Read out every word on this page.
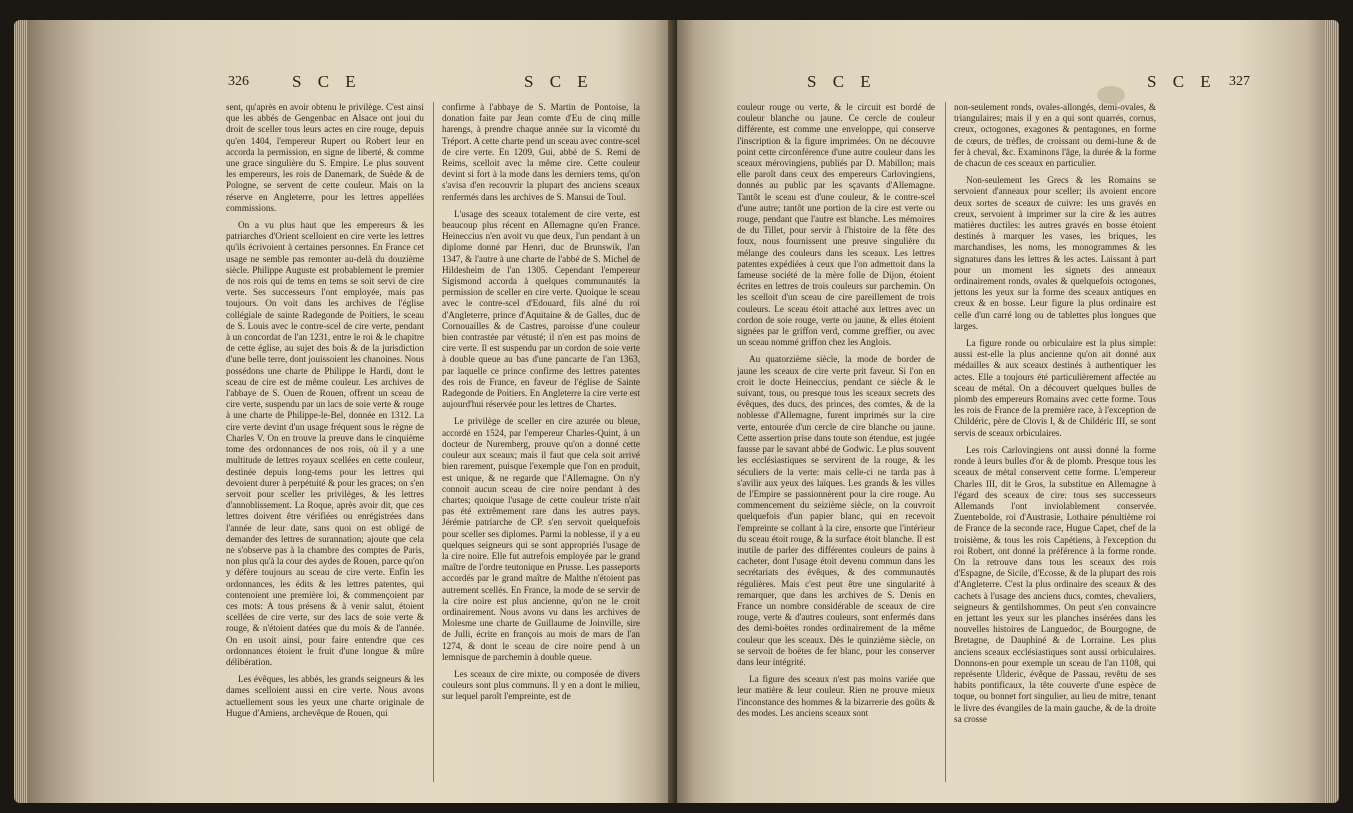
326	S C E	S C E

sent, qu'après en avoir obtenu le privilège. C'est ainsi que les abbés de Gengenbac en Alsace ont joui du droit de sceller tous leurs actes en cire rouge, depuis qu'en 1404, l'empereur Rupert ou Robert leur en accorda la permission, en signe de liberté, & comme une grace singulière du S. Empire. Le plus souvent les empereurs, les rois de Danemark, de Suède & de Pologne, se servent de cette couleur. Mais on la réserve en Angleterre, pour les lettres appellées commissions.

On a vu plus haut que les empereurs & les patriarches d'Orient scelloient en cire verte les lettres qu'ils écrivoient à certaines personnes. En France cet usage ne semble pas remonter au-delà du douzième siècle. Philippe Auguste est probablement le premier de nos rois qui de tems en tems se soit servi de cire verte. Ses successeurs l'ont employée, mais pas toujours. On voit dans les archives de l'église collégiale de sainte Radegonde de Poitiers, le sceau de S. Louis avec le contre-scel de cire verte, pendant à un concordat de l'an 1231, entre le roi & le chapitre de cette église, au sujet des bois & de la jurisdiction d'une belle terre, dont jouissoient les chanoines. Nous possédons une charte de Philippe le Hardi, dont le sceau de cire est de même couleur. Les archives de l'abbaye de S. Ouen de Rouen, offrent un sceau de cire verte, suspendu par un lacs de soie verte & rouge à une charte de Philippe-le-Bel, donnée en 1312. La cire verte devint d'un usage fréquent sous le règne de Charles V. On en trouve la preuve dans le cinquième tome des ordonnances de nos rois, où il y a une multitude de lettres royaux scellées en cette couleur, destinée depuis long-tems pour les lettres qui devoient durer à perpétuité & pour les graces; on s'en servoit pour sceller les privilèges, & les lettres d'annoblissement. La Roque, après avoir dit, que ces lettres doivent être vérifiées ou enrégistrées dans l'année de leur date, sans quoi on est obligé de demander des lettres de surannation; ajoute que cela ne s'observe pas à la chambre des comptes de Paris, non plus qu'à la cour des aydes de Rouen, parce qu'on y défère toujours au sceau de cire verte. Enfin les ordonnances, les édits & les lettres patentes, qui contenoient une première loi, & commençoient par ces mots: A tous présens & à venir salut, étoient scellées de cire verte, sur des lacs de soie verte & rouge, & n'étoient datées que du mois & de l'année. On en usoit ainsi, pour faire entendre que ces ordonnances étoient le fruit d'une longue & mûre délibération.

Les évêques, les abbés, les grands seigneurs & les dames scelloient aussi en cire verte. Nous avons actuellement sous les yeux une charte originale de Hugue d'Amiens, archevêque de Rouen, qui

confirme à l'abbaye de S. Martin de Pontoise, la donation faite par Jean comte d'Eu de cinq mille harengs, à prendre chaque année sur la vicomté du Tréport. A cette charte pend un sceau avec contre-scel de cire verte. En 1209, Gui, abbé de S. Remi de Reims, scelloit avec la même cire. Cette couleur devint si fort à la mode dans les derniers tems, qu'on s'avisa d'en recouvrir la plupart des anciens sceaux renfermés dans les archives de S. Mansui de Toul.

L'usage des sceaux totalement de cire verte, est beaucoup plus récent en Allemagne qu'en France. Heineccius n'en avoit vu que deux, l'un pendant à un diplome donné par Henri, duc de Brunswik, l'an 1347, & l'autre à une charte de l'abbé de S. Michel de Hildesheim de l'an 1305. Cependant l'empereur Sigismond accorda à quelques communautés la permission de sceller en cire verte. Quoique le sceau avec le contre-scel d'Edouard, fils aîné du roi d'Angleterre, prince d'Aquitaine & de Galles, duc de Cornouailles & de Castres, paroisse d'une couleur bien contrastée par vétusté; il n'en est pas moins de cire verte. Il est suspendu par un cordon de soie verte à double queue au bas d'une pancarte de l'an 1363, par laquelle ce prince confirme des lettres patentes des rois de France, en faveur de l'église de Sainte Radegonde de Poitiers. En Angleterre la cire verte est aujourd'hui réservée pour les lettres de Chartes.

Le privilège de sceller en cire azurée ou bleue, accordé en 1524, par l'empereur Charles-Quint, à un docteur de Nuremberg, prouve qu'on a donné cette couleur aux sceaux; mais il faut que cela soit arrivé bien rarement, puisque l'exemple que l'on en produit, est unique, & ne regarde que l'Allemagne. On n'y connoit aucun sceau de cire noire pendant à des chartes; quoique l'usage de cette couleur triste n'ait pas été extrêmement rare dans les autres pays. Jérémie patriarche de CP. s'en servoit quelquefois pour sceller ses diplomes. Parmi la noblesse, il y a eu quelques seigneurs qui se sont appropriés l'usage de la cire noire. Elle fut autrefois employée par le grand maître de l'ordre teutonique en Prusse. Les passeports accordés par le grand maître de Malthe n'étoient pas autrement scellés. En France, la mode de se servir de la cire noire est plus ancienne, qu'on ne le croit ordinairement. Nous avons vu dans les archives de Molesme une charte de Guillaume de Joinville, sire de Julli, écrite en françois au mois de mars de l'an 1274, & dont le sceau de cire noire pend à un lemnisque de parchemin à double queue.

Les sceaux de cire mixte, ou composée de divers couleurs sont plus communs. Il y en a dont le milieu, sur lequel paroît l'empreinte, est de

327
S C E	S C E

couleur rouge ou verte, & le circuit est bordé de couleur blanche ou jaune. Ce cercle de couleur différente, est comme une enveloppe, qui conserve l'inscription & la figure imprimées. On ne découvre point cette circonférence d'une autre couleur dans les sceaux mérovingiens, publiés par D. Mabillon; mais elle paroît dans ceux des empereurs Carlovingiens, donnés au public par les sçavants d'Allemagne. Tantôt le sceau est d'une couleur, & le contre-scel d'une autre; tantôt une portion de la cire est verte ou rouge, pendant que l'autre est blanche. Les mémoires de du Tillet, pour servir à l'histoire de la fête des foux, nous fournissent une preuve singulière du mélange des couleurs dans les sceaux. Les lettres patentes expédiées à ceux que l'on admettoit dans la fameuse société de la mère folle de Dijon, étoient écrites en lettres de trois couleurs sur parchemin. On les scelloit d'un sceau de cire pareillement de trois couleurs. Le sceau étoit attaché aux lettres avec un cordon de soie rouge, verte ou jaune, & elles étoient signées par le griffon verd, comme greffier, ou avec un sceau nommé griffon chez les Anglois.

Au quatorzième siècle, la mode de border de jaune les sceaux de cire verte prit faveur. Si l'on en croit le docte Heineccius, pendant ce siècle & le suivant, tous, ou presque tous les sceaux secrets des évêques, des ducs, des princes, des comtes, & de la noblesse d'Allemagne, furent imprimés sur la cire verte, entourée d'un cercle de cire blanche ou jaune. Cette assertion prise dans toute son étendue, est jugée fausse par le savant abbé de Godwic. Le plus souvent les ecclésiastiques se servirent de la rouge, & les séculiers de la verte: mais celle-ci ne tarda pas à s'avilir aux yeux des laïques. Les grands & les villes de l'Empire se passionnèrent pour la cire rouge. Au commencement du seizième siècle, on la couvroit quelquefois d'un papier blanc, qui en recevoit l'empreinte se collant à la cire, ensorte que l'intérieur du sceau étoit rouge, & la surface étoit blanche. Il est inutile de parler des différentes couleurs de pains à cacheter, dont l'usage étoit devenu commun dans les secrétariats des évêques, & des communautés régulières. Mais c'est peut être une singularité à remarquer, que dans les archives de S. Denis en France un nombre considérable de sceaux de cire rouge, verte & d'autres couleurs, sont enfermés dans des demi-boëtes rondes ordinairement de la même couleur que les sceaux. Dès le quinzième siècle, on se servoit de boëtes de fer blanc, pour les conserver dans leur intégrité.

La figure des sceaux n'est pas moins variée que leur matière & leur couleur. Rien ne prouve mieux l'inconstance des hommes & la bizarrerie des goûts & des modes. Les anciens sceaux sont

non-seulement ronds, ovales-allongés, demi-ovales, & triangulaires; mais il y en a qui sont quarrés, cornus, creux, octogones, exagones & pentagones, en forme de cœurs, de trèfles, de croissant ou demi-lune & de fer à cheval, &c. Examinons l'âge, la durée & la forme de chacun de ces sceaux en particulier.

Non-seulement les Grecs & les Romains se servoient d'anneaux pour sceller; ils avoient encore deux sortes de sceaux de cuivre: les uns gravés en creux, servoient à imprimer sur la cire & les autres matières ductiles: les autres gravés en bosse étoient destinés à marquer les vases, les briques, les marchandises, les noms, les monogrammes & les signatures dans les lettres & les actes. Laissant à part pour un moment les signets des anneaux ordinairement ronds, ovales & quelquefois octogones, jettons les yeux sur la forme des sceaux antiques en creux & en bosse. Leur figure la plus ordinaire est celle d'un carré long ou de tablettes plus longues que larges.

La figure ronde ou orbiculaire est la plus simple: aussi est-elle la plus ancienne qu'on ait donné aux médailles & aux sceaux destinés à authentiquer les actes. Elle a toujours été particulièrement affectée au sceau de métal. On a découvert quelques bulles de plomb des empereurs Romains avec cette forme. Tous les rois de France de la première race, à l'exception de Childéric, père de Clovis I, & de Childéric III, se sont servis de sceaux orbiculaires.

Les rois Carlovingiens ont aussi donné la forme ronde à leurs bulles d'or & de plomb. Presque tous les sceaux de métal conservent cette forme. L'empereur Charles III, dit le Gros, la substitue en Allemagne à l'égard des sceaux de cire: tous ses successeurs Allemands l'ont inviolablement conservée. Zuentebolde, roi d'Austrasie, Lothaire pénultième roi de France de la seconde race, Hugue Capet, chef de la troisième, & tous les rois Capétiens, à l'exception du roi Robert, ont donné la préférence à la forme ronde. On la retrouve dans tous les sceaux des rois d'Espagne, de Sicile, d'Ecosse, & de la plupart des rois d'Angleterre. C'est la plus ordinaire des sceaux & des cachets à l'usage des anciens ducs, comtes, chevaliers, seigneurs & gentilshommes. On peut s'en convaincre en jettant les yeux sur les planches insérées dans les nouvelles histoires de Languedoc, de Bourgogne, de Bretagne, de Dauphiné & de Lorraine. Les plus anciens sceaux ecclésiastiques sont aussi orbiculaires. Donnons-en pour exemple un sceau de l'an 1108, qui représente Ulderic, évêque de Passau, revêtu de ses habits pontificaux, la tête couverte d'une espèce de toque, ou bonnet fort singulier, au lieu de mitre, tenant le livre des évangiles de la main gauche, & de la droite sa crosse
